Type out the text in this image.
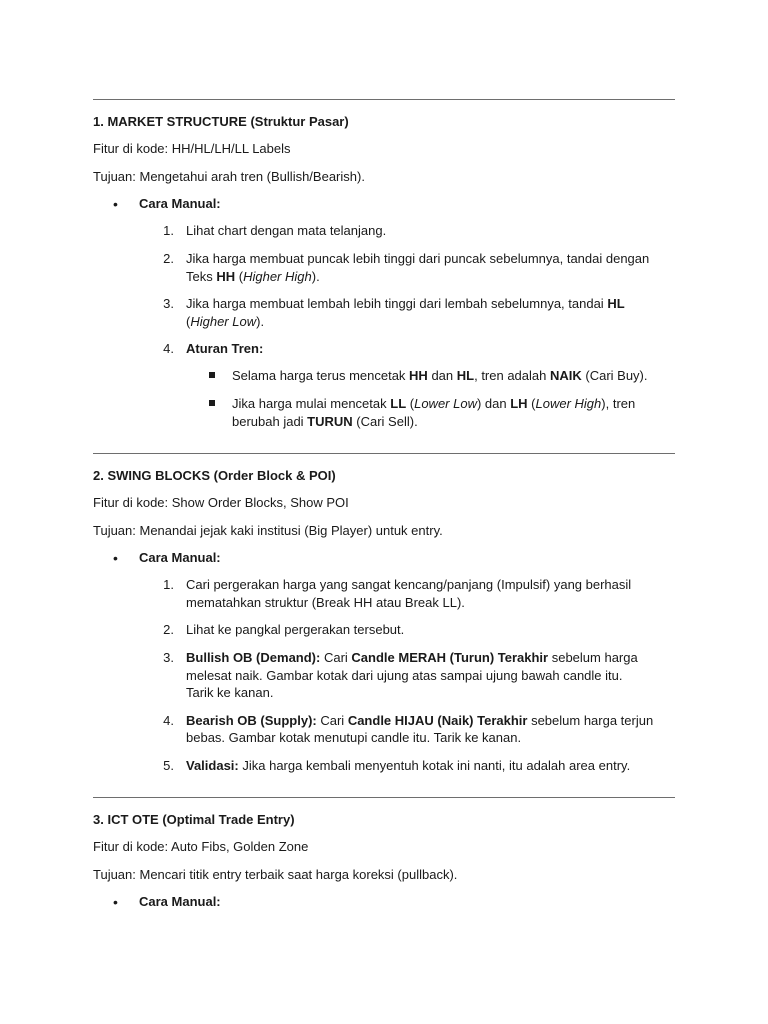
1. MARKET STRUCTURE (Struktur Pasar)
Fitur di kode: HH/HL/LH/LL Labels
Tujuan: Mengetahui arah tren (Bullish/Bearish).
• Cara Manual:
1. Lihat chart dengan mata telanjang.
2. Jika harga membuat puncak lebih tinggi dari puncak sebelumnya, tandai dengan
Teks HH (Higher High).
3. Jika harga membuat lembah lebih tinggi dari lembah sebelumnya, tandai HL
(Higher Low).
4. Aturan Tren:
Selama harga terus mencetak HH dan HL, tren adalah NAIK (Cari Buy).
Jika harga mulai mencetak LL (Lower Low) dan LH (Lower High), tren
berubah jadi TURUN (Cari Sell).
2. SWING BLOCKS (Order Block & POI)
Fitur di kode: Show Order Blocks, Show POI
Tujuan: Menandai jejak kaki institusi (Big Player) untuk entry.
• Cara Manual:
1. Cari pergerakan harga yang sangat kencang/panjang (Impulsif) yang berhasil
mematahkan struktur (Break HH atau Break LL).
2. Lihat ke pangkal pergerakan tersebut.
3. Bullish OB (Demand): Cari Candle MERAH (Turun) Terakhir sebelum harga
melesat naik. Gambar kotak dari ujung atas sampai ujung bawah candle itu.
Tarik ke kanan.
4. Bearish OB (Supply): Cari Candle HIJAU (Naik) Terakhir sebelum harga terjun
bebas. Gambar kotak menutupi candle itu. Tarik ke kanan.
5. Validasi: Jika harga kembali menyentuh kotak ini nanti, itu adalah area entry.
3. ICT OTE (Optimal Trade Entry)
Fitur di kode: Auto Fibs, Golden Zone
Tujuan: Mencari titik entry terbaik saat harga koreksi (pullback).
• Cara Manual:
